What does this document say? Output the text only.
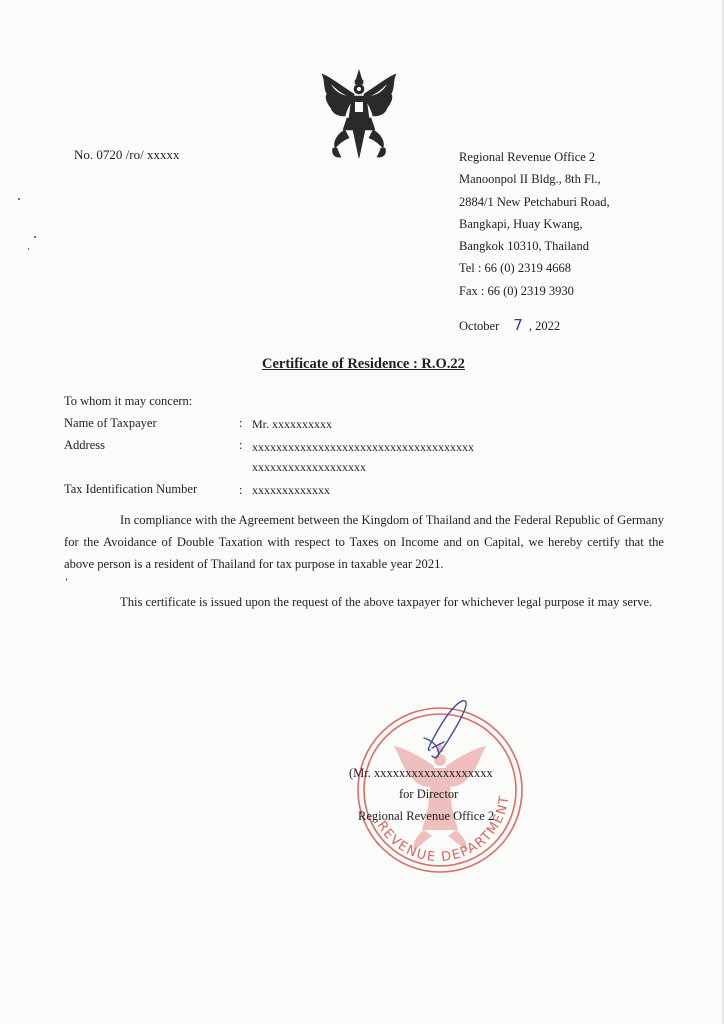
No. 0720 /ro/ xxxxx	Regional Revenue Office 2
Manoonpol II Bldg., 8th Fl.,
2884/1 New Petchaburi Road,
Bangkapi, Huay Kwang,
Bangkok 10310, Thailand
Tel : 66 (0) 2319 4668
Fax : 66 (0) 2319 3930
October 7 , 2022
Certificate of Residence : R.O.22
To whom it may concern:
Name of Taxpayer	: Mr. xxxxxxxxxx
Address	: xxxxxxxxxxxxxxxxxxxxxxxxxxxxxxxxxxxxx
xxxxxxxxxxxxxxxxxxx
Tax Identification Number	: xxxxxxxxxxxxx
In compliance with the Agreement between the Kingdom of Thailand and the Federal Republic of Germany for the Avoidance of Double Taxation with respect to Taxes on Income and on Capital, we hereby certify that the above person is a resident of Thailand for tax purpose in taxable year 2021.
This certificate is issued upon the request of the above taxpayer for whichever legal purpose it may serve.
REVENUE DEPARTMENT
(Mr. xxxxxxxxxxxxxxxxxxx
for Director
Regional Revenue Office 2
